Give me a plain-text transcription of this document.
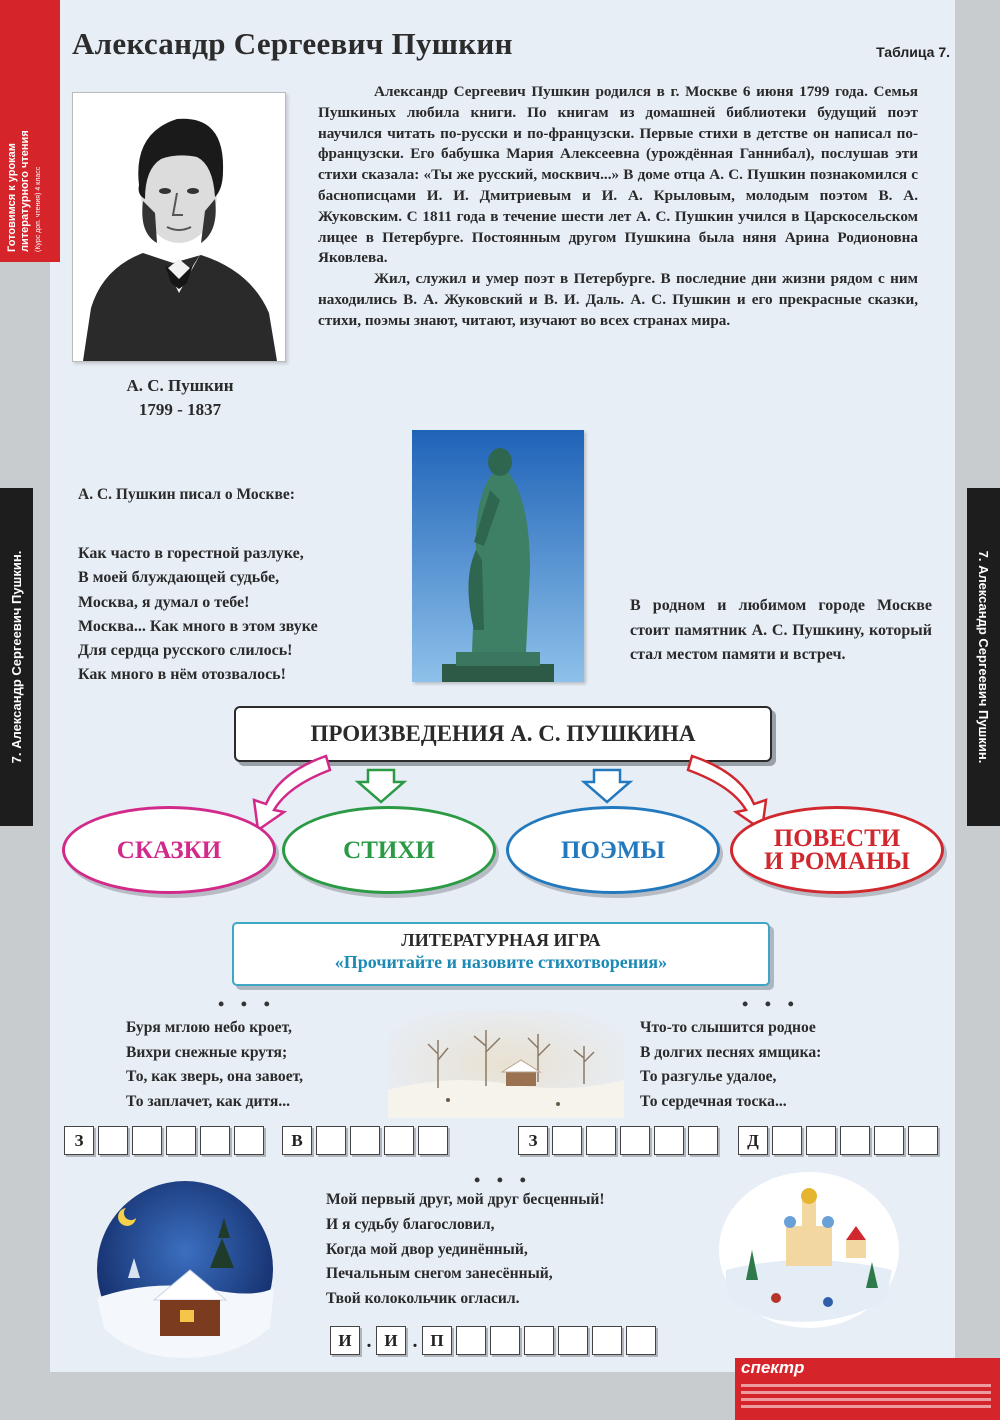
Готовимся к урокам
литературного чтения (Курс доп. чтения) 4 класс
7. Александр Сергеевич Пушкин.	7. Александр Сергеевич Пушкин.
Александр Сергеевич Пушкин	Таблица 7.
А. С. Пушкин
1799 - 1837

Александр Сергеевич Пушкин родился в г. Москве 6 июня 1799 года. Семья Пушкиных любила книги. По книгам из домашней библиотеки будущий поэт научился читать по-русски и по-французски. Первые стихи в детстве он написал по-французски. Его бабушка Мария Алексеевна (урождённая Ганнибал), послушав эти стихи сказала: «Ты же русский, москвич...» В доме отца А. С. Пушкин познакомился с баснописцами И. И. Дмитриевым и И. А. Крыловым, молодым поэтом В. А. Жуковским. С 1811 года в течение шести лет А. С. Пушкин учился в Царскосельском лицее в Петербурге. Постоянным другом Пушкина была няня Арина Родионовна Яковлева.

Жил, служил и умер поэт в Петербурге. В последние дни жизни рядом с ним находились В. А. Жуковский и В. И. Даль. А. С. Пушкин и его прекрасные сказки, стихи, поэмы знают, читают, изучают во всех странах мира.

А. С. Пушкин писал о Москве:
Как часто в горестной разлуке,
В моей блуждающей судьбе,
Москва, я думал о тебе!
Москва... Как много в этом звуке
Для сердца русского слилось!
Как много в нём отозвалось!
В родном и любимом городе Москве стоит памятник А. С. Пушкину, который стал местом памяти и встреч.
ПРОИЗВЕДЕНИЯ А. С. ПУШКИНА
СКАЗКИ	СТИХИ	ПОЭМЫ	ПОВЕСТИ
И РОМАНЫ
ЛИТЕРАТУРНАЯ ИГРА
«Прочитайте и назовите стихотворения»
• • •	• • •
• • •
Буря мглою небо кроет,
Вихри снежные крутя;
То, как зверь, она завоет,
То заплачет, как дитя...
Что-то слышится родное
В долгих песнях ямщика:
То разгулье удалое,
То сердечная тоска...
З	В	З	Д
Мой первый друг, мой друг бесценный!
И я судьбу благословил,
Когда мой двор уединённый,
Печальным снегом занесённый,
Твой колокольчик огласил.
И . И . П
спектр
